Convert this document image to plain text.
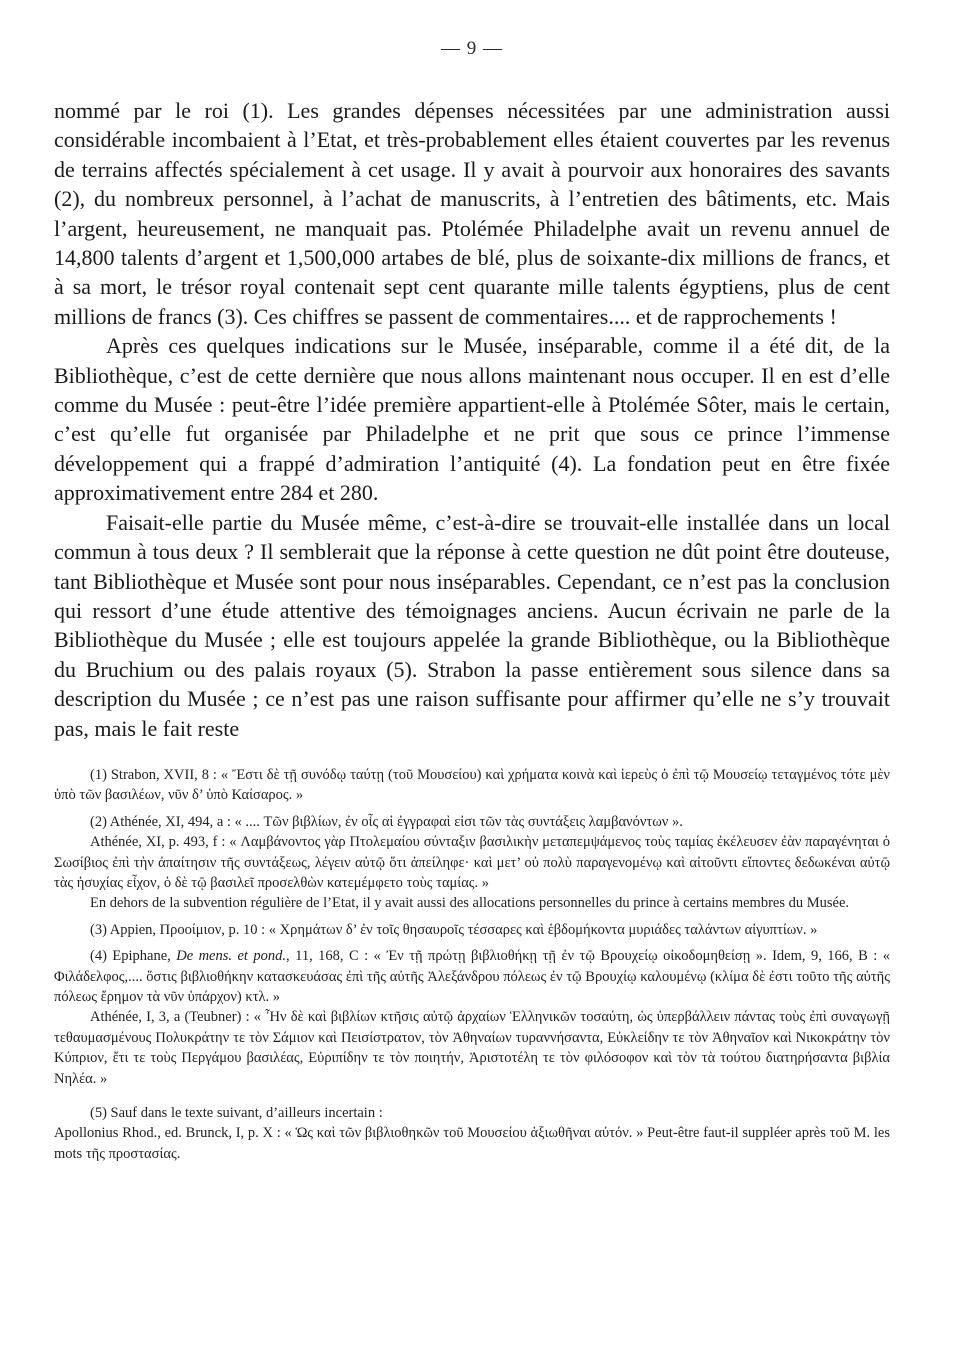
— 9 —

nommé par le roi (1). Les grandes dépenses nécessitées par une administration aussi considérable incombaient à l’Etat, et très-probablement elles étaient couvertes par les revenus de terrains affectés spécialement à cet usage. Il y avait à pourvoir aux honoraires des savants (2), du nombreux personnel, à l’achat de manuscrits, à l’entretien des bâtiments, etc. Mais l’argent, heureusement, ne manquait pas. Ptolémée Philadelphe avait un revenu annuel de 14,800 talents d’argent et 1,500,000 artabes de blé, plus de soixante-dix millions de francs, et à sa mort, le trésor royal contenait sept cent quarante mille talents égyptiens, plus de cent millions de francs (3). Ces chiffres se passent de commentaires.... et de rapprochements !

Après ces quelques indications sur le Musée, inséparable, comme il a été dit, de la Bibliothèque, c’est de cette dernière que nous allons maintenant nous occuper. Il en est d’elle comme du Musée : peut-être l’idée première appartient-elle à Ptolémée Sôter, mais le certain, c’est qu’elle fut organisée par Philadelphe et ne prit que sous ce prince l’immense développement qui a frappé d’admiration l’antiquité (4). La fondation peut en être fixée approximativement entre 284 et 280.

Faisait-elle partie du Musée même, c’est-à-dire se trouvait-elle installée dans un local commun à tous deux ? Il semblerait que la réponse à cette question ne dût point être douteuse, tant Bibliothèque et Musée sont pour nous inséparables. Cependant, ce n’est pas la conclusion qui ressort d’une étude attentive des témoignages anciens. Aucun écrivain ne parle de la Bibliothèque du Musée ; elle est toujours appelée la grande Bibliothèque, ou la Bibliothèque du Bruchium ou des palais royaux (5). Strabon la passe entièrement sous silence dans sa description du Musée ; ce n’est pas une raison suffisante pour affirmer qu’elle ne s’y trouvait pas, mais le fait reste

(1) Strabon, XVII, 8 : « Ἔστι δὲ τῇ συνόδῳ ταύτῃ (τοῦ Μουσείου) καὶ χρήματα κοινὰ καὶ ἱερεὺς ὁ ἐπὶ τῷ Μουσείῳ τεταγμένος τότε μὲν ὑπὸ τῶν βασιλέων, νῦν δ’ ὑπὸ Καίσαρος. »

(2) Athénée, XI, 494, a : « .... Τῶν βιβλίων, ἐν οἷς αἱ ἐγγραφαὶ εἰσι τῶν τὰς συντάξεις λαμβανόντων ».

Athénée, XI, p. 493, f : « Λαμβάνοντος γὰρ Πτολεμαίου σύνταξιν βασιλικὴν μεταπεμψάμενος τοὺς ταμίας ἐκέλευσεν ἐὰν παραγένηται ὁ Σωσίβιος ἐπὶ τὴν ἀπαίτησιν τῆς συντάξεως, λέγειν αὐτῷ ὅτι ἀπείληφε· καὶ μετ’ οὐ πολὺ παραγενομένῳ καὶ αἰτοῦντι εἴποντες δεδωκέναι αὐτῷ τὰς ἡσυχίας εἶχον, ὁ δὲ τῷ βασιλεῖ προσελθὼν κατεμέμφετο τοὺς ταμίας. »

En dehors de la subvention régulière de l’Etat, il y avait aussi des allocations personnelles du prince à certains membres du Musée.

(3) Appien, Προοίμιον, p. 10 : « Χρημάτων δ’ ἐν τοῖς θησαυροῖς τέσσαρες καὶ ἑβδομήκοντα μυριάδες ταλάντων αἰγυπτίων. »

(4) Epiphane, De mens. et pond., 11, 168, C : « Ἐν τῇ πρώτῃ βιβλιοθήκῃ τῇ ἐν τῷ Βρουχείῳ οἰκοδομηθείσῃ ». Idem, 9, 166, B : « Φιλάδελφος,.... ὅστις βιβλιοθήκην κατασκευάσας ἐπὶ τῆς αὐτῆς Ἀλεξάνδρου πόλεως ἐν τῷ Βρουχίῳ καλουμένῳ (κλίμα δὲ ἐστι τοῦτο τῆς αὐτῆς πόλεως ἔρημον τὰ νῦν ὑπάρχον) κτλ. »

Athénée, I, 3, a (Teubner) : « Ἦν δὲ καὶ βιβλίων κτῆσις αὐτῷ ἀρχαίων Ἑλληνικῶν τοσαύτη, ὡς ὑπερβάλλειν πάντας τοὺς ἐπὶ συναγωγῇ τεθαυμασμένους Πολυκράτην τε τὸν Σάμιον καὶ Πεισίστρατον, τὸν Ἀθηναίων τυραννήσαντα, Εὐκλείδην τε τὸν Ἀθηναῖον καὶ Νικοκράτην τὸν Κύπριον, ἔτι τε τοὺς Περγάμου βασιλέας, Εὐριπίδην τε τὸν ποιητήν, Ἀριστοτέλη τε τὸν φιλόσοφον καὶ τὸν τὰ τούτου διατηρήσαντα βιβλία Νηλέα. »

(5) Sauf dans le texte suivant, d’ailleurs incertain :

Apollonius Rhod., ed. Brunck, I, p. X : « Ὡς καὶ τῶν βιβλιοθηκῶν τοῦ Μουσείου ἀξιωθῆναι αὐτόν. » Peut-être faut-il suppléer après τοῦ M. les mots τῆς προστασίας.
